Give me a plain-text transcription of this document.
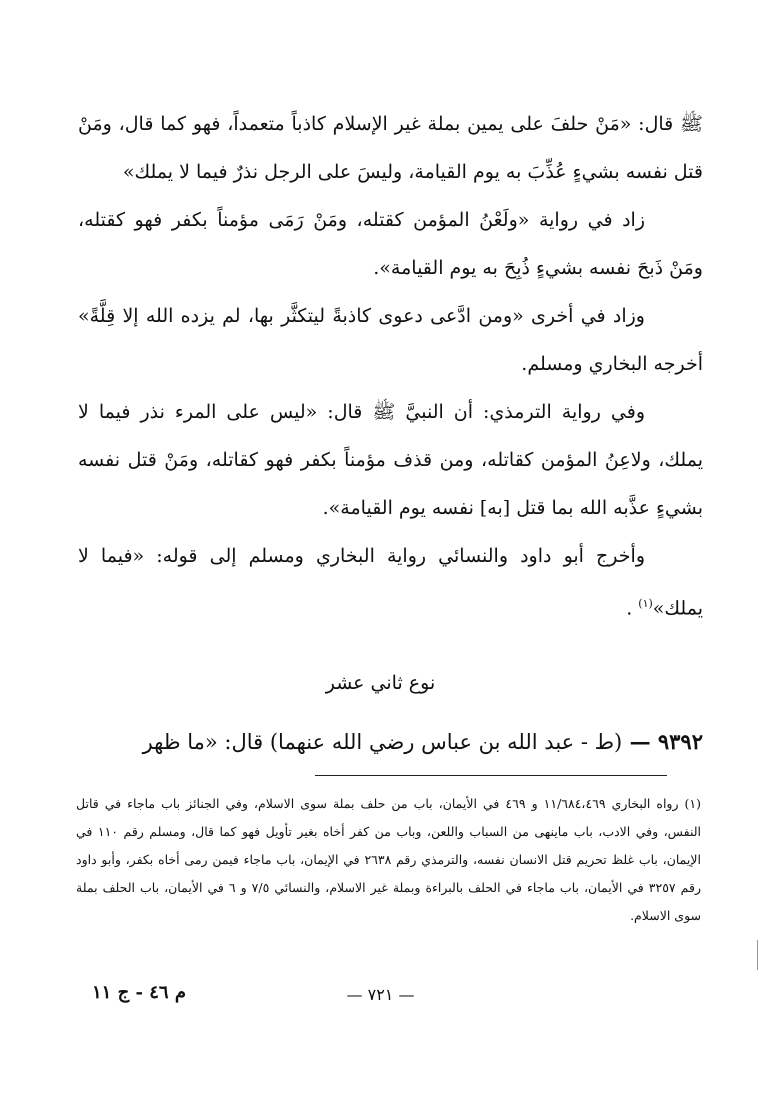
ﷺ قال: «مَنْ حلفَ على يمين بملة غير الإسلام كاذباً متعمداً، فهو كما قال، ومَنْ قتل نفسه بشيءٍ عُذِّبَ به يوم القيامة، وليسَ على الرجل نذرٌ فيما لا يملك»

زاد في رواية «ولَعْنُ المؤمن كقتله، ومَنْ رَمَى مؤمناً بكفر فهو كقتله، ومَنْ ذَبحَ نفسه بشيءٍ ذُبِحَ به يوم القيامة».

وزاد في أخرى «ومن ادَّعى دعوى كاذبةً ليتكثَّر بها، لم يزده الله إلا قِلَّةً» أخرجه البخاري ومسلم.

وفي رواية الترمذي: أن النبيَّ ﷺ قال: «ليس على المرء نذر فيما لا يملك، ولاعِنُ المؤمن كقاتله، ومن قذف مؤمناً بكفر فهو كقاتله، ومَنْ قتل نفسه بشيءٍ عذَّبه الله بما قتل [به] نفسه يوم القيامة».

وأخرج أبو داود والنسائي رواية البخاري ومسلم إلى قوله: «فيما لا يملك»$^{(١)}$ .

نوع ثاني عشر
٩٣٩٢ — (ط - عبد الله بن عباس رضي الله عنهما) قال: «ما ظهر

(١) رواه البخاري ١١/٦٨٤،٤٦٩ و ٤٦٩ في الأيمان، باب من حلف بملة سوى الاسلام، وفي الجنائز باب ماجاء في قاتل النفس، وفي الادب، باب ماينهى من السباب واللعن، وباب من كفر أخاه بغير تأويل فهو كما قال، ومسلم رقم ١١٠ في الإيمان، باب غلظ تحريم قتل الانسان نفسه، والترمذي رقم ٢٦٣٨ في الإيمان، باب ماجاء فيمن رمى أخاه بكفر، وأبو داود رقم ٣٢٥٧ في الأيمان، باب ماجاء في الحلف بالبراءة وبملة غير الاسلام، والنسائي ٧/٥ و ٦ في الأيمان، باب الحلف بملة سوى الاسلام.

— ٧٢١ —
م ٤٦ - ج ١١
